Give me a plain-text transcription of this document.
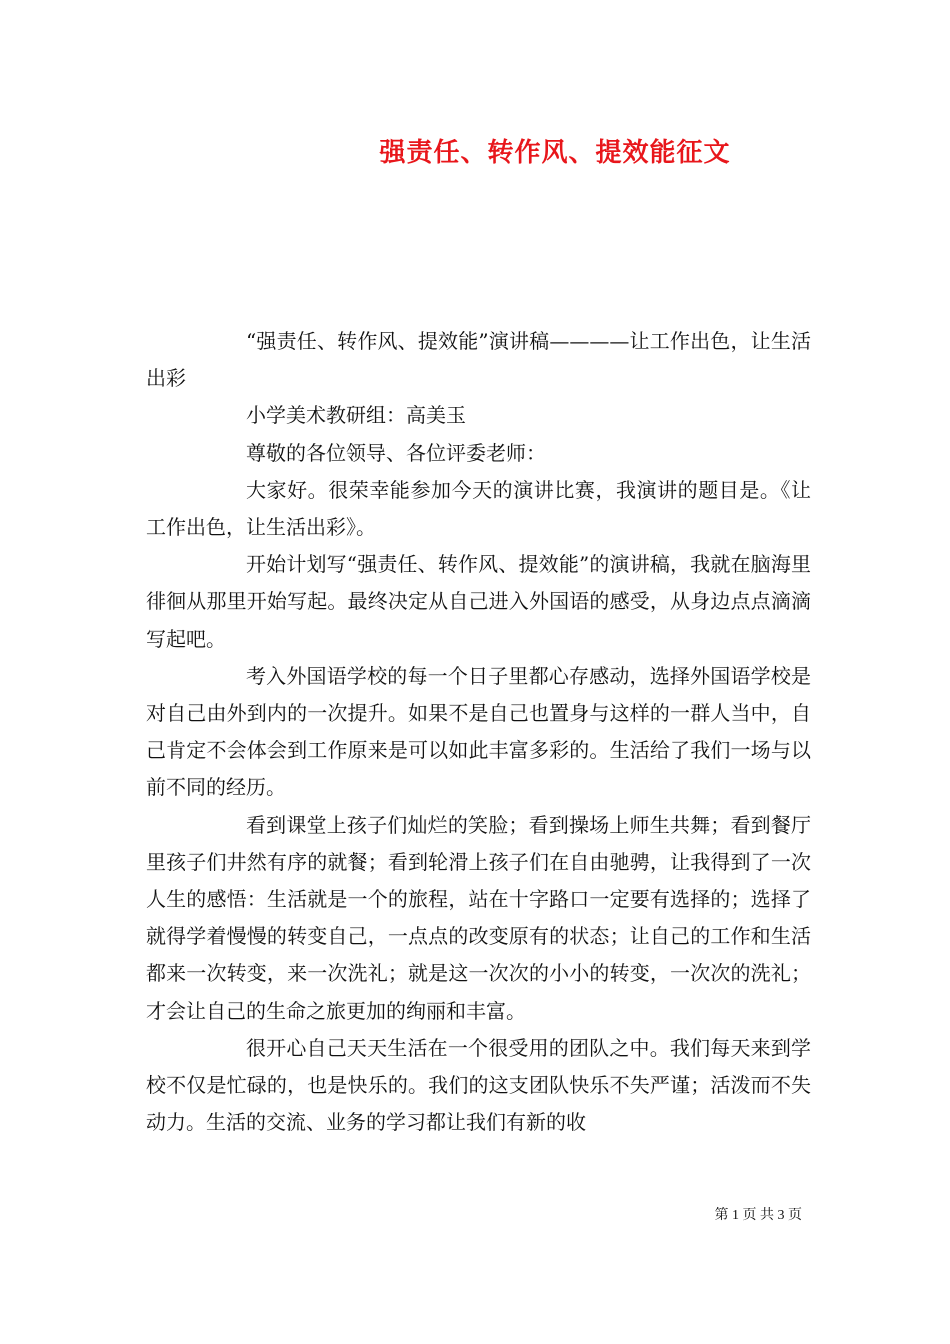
强责任、转作风、提效能征文

“强责任、转作风、提效能”演讲稿————让工作出色，让生活出彩

小学美术教研组：高美玉

尊敬的各位领导、各位评委老师：

大家好。很荣幸能参加今天的演讲比赛，我演讲的题目是。《让工作出色，让生活出彩》。

开始计划写“强责任、转作风、提效能”的演讲稿，我就在脑海里徘徊从那里开始写起。最终决定从自己进入外国语的感受，从身边点点滴滴写起吧。

考入外国语学校的每一个日子里都心存感动，选择外国语学校是对自己由外到内的一次提升。如果不是自己也置身与这样的一群人当中，自己肯定不会体会到工作原来是可以如此丰富多彩的。生活给了我们一场与以前不同的经历。

看到课堂上孩子们灿烂的笑脸；看到操场上师生共舞；看到餐厅里孩子们井然有序的就餐；看到轮滑上孩子们在自由驰骋，让我得到了一次人生的感悟：生活就是一个的旅程，站在十字路口一定要有选择的；选择了就得学着慢慢的转变自己，一点点的改变原有的状态；让自己的工作和生活都来一次转变，来一次洗礼；就是这一次次的小小的转变，一次次的洗礼；才会让自己的生命之旅更加的绚丽和丰富。

很开心自己天天生活在一个很受用的团队之中。我们每天来到学校不仅是忙碌的，也是快乐的。我们的这支团队快乐不失严谨；活泼而不失动力。生活的交流、业务的学习都让我们有新的收

第 1 页 共 3 页
